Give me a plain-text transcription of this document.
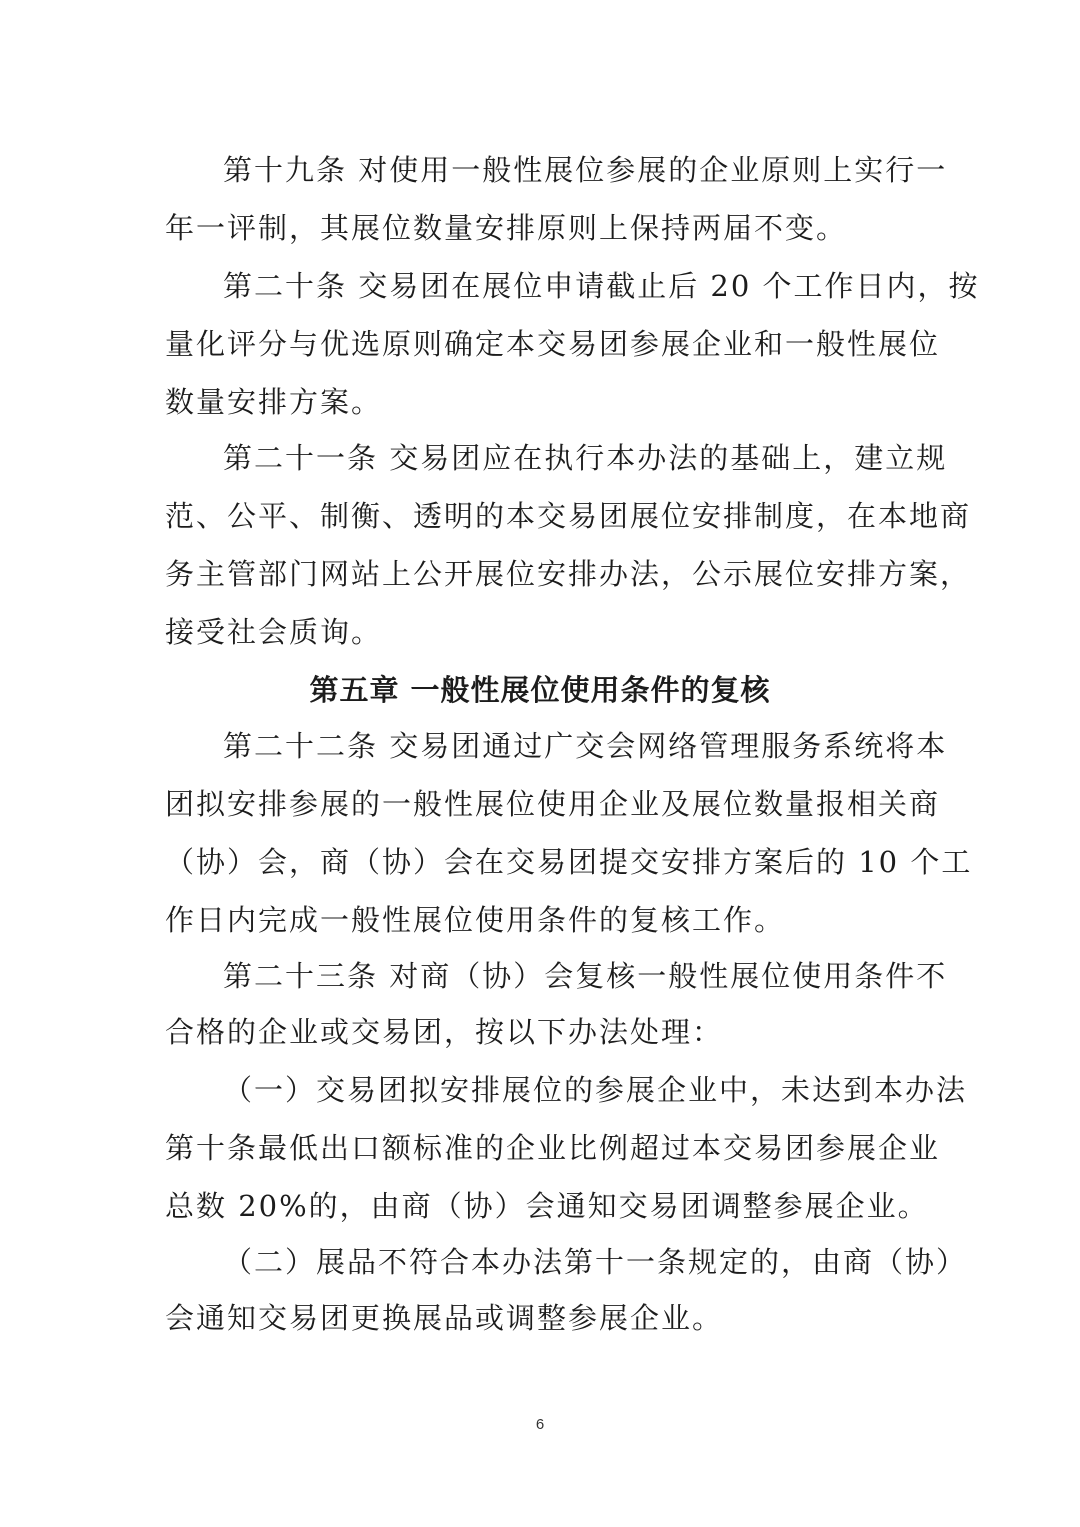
第十九条 对使用一般性展位参展的企业原则上实行一
年一评制，其展位数量安排原则上保持两届不变。
第二十条 交易团在展位申请截止后 20 个工作日内，按
量化评分与优选原则确定本交易团参展企业和一般性展位
数量安排方案。
第二十一条 交易团应在执行本办法的基础上，建立规
范、公平、制衡、透明的本交易团展位安排制度，在本地商
务主管部门网站上公开展位安排办法，公示展位安排方案，
接受社会质询。
第五章 一般性展位使用条件的复核
第二十二条 交易团通过广交会网络管理服务系统将本
团拟安排参展的一般性展位使用企业及展位数量报相关商
（协）会，商（协）会在交易团提交安排方案后的 10 个工
作日内完成一般性展位使用条件的复核工作。
第二十三条 对商（协）会复核一般性展位使用条件不
合格的企业或交易团，按以下办法处理：
（一）交易团拟安排展位的参展企业中，未达到本办法
第十条最低出口额标准的企业比例超过本交易团参展企业
总数 20%的，由商（协）会通知交易团调整参展企业。
（二）展品不符合本办法第十一条规定的，由商（协）
会通知交易团更换展品或调整参展企业。
6
